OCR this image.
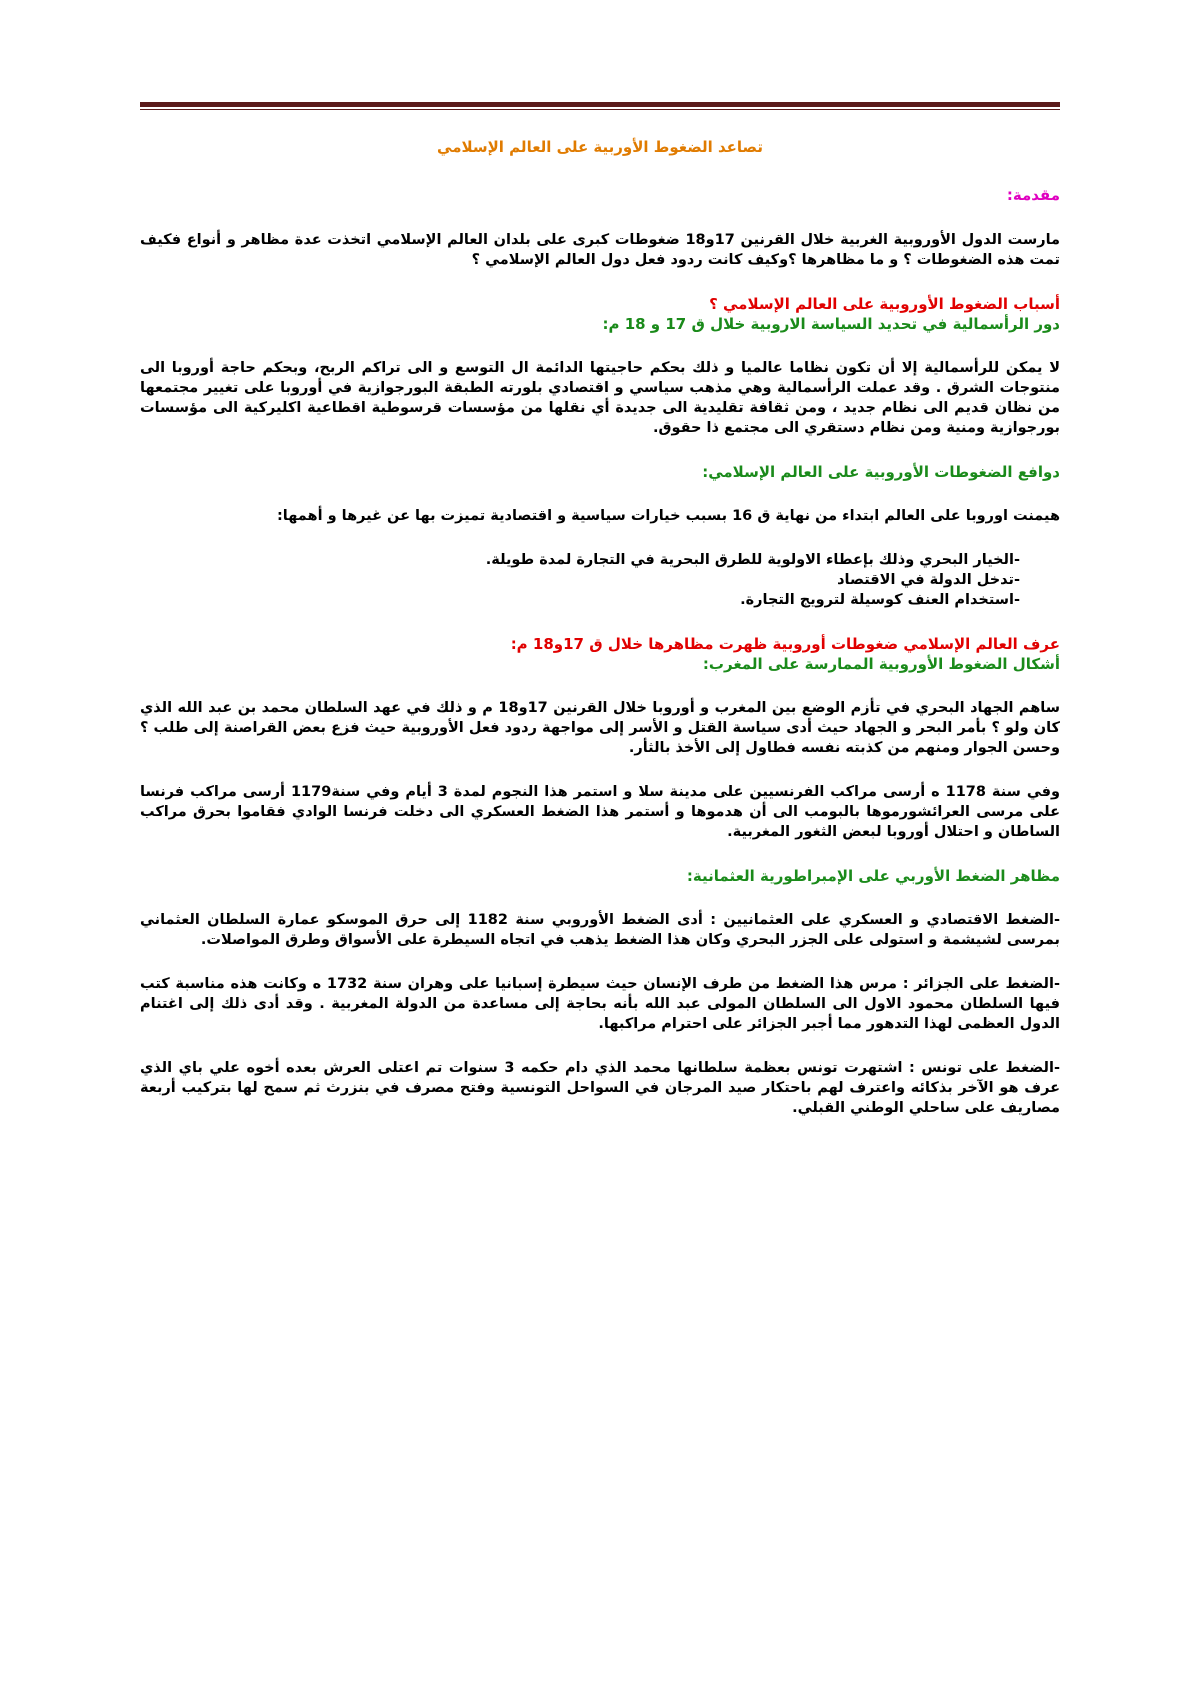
تصاعد الضغوط الأوربية على العالم الإسلامي
مقدمة:

مارست الدول الأوروبية الغربية خلال القرنين 17و18 ضغوطات كبرى على بلدان العالم الإسلامي اتخذت عدة مظاهر و أنواع فكيف تمت هذه الضغوطات ؟ و ما مظاهرها ؟وكيف كانت ردود فعل دول العالم الإسلامي ؟

أسباب الضغوط الأوروبية على العالم الإسلامي ؟
دور الرأسمالية في تحديد السياسة الاروبية خلال ق 17 و 18 م:

لا يمكن للرأسمالية إلا أن تكون نظاما عالميا و ذلك بحكم حاجيتها الدائمة ال التوسع و الى تراكم الربح، وبحكم حاجة أوروبا الى منتوجات الشرق . وقد عملت الرأسمالية وهي مذهب سياسي و اقتصادي بلورته الطبقة البورجوازية في أوروبا على تغيير مجتمعها من نظان قديم الى نظام جديد ، ومن ثقافة تقليدية الى جديدة أي نقلها من مؤسسات قرسوطية اقطاعية اكليركية الى مؤسسات بورجوازية ومنية ومن نظام دستقري الى مجتمع ذا حقوق.

دوافع الضغوطات الأوروبية على العالم الإسلامي:

هيمنت اوروبا على العالم ابتداء من نهاية ق 16 بسبب خيارات سياسية و اقتصادية تميزت بها عن غيرها و أهمها:

-الخيار البحري وذلك بإعطاء الاولوية للطرق البحرية في التجارة لمدة طويلة.
-تدخل الدولة في الاقتصاد
-استخدام العنف كوسيلة لترويج التجارة.
عرف العالم الإسلامي ضغوطات أوروبية ظهرت مظاهرها خلال ق 17و18 م:
أشكال الضغوط الأوروبية الممارسة على المغرب:

ساهم الجهاد البحري في تأزم الوضع بين المغرب و أوروبا خلال القرنين 17و18 م و ذلك في عهد السلطان محمد بن عبد الله الذي كان ولو ؟ بأمر البحر و الجهاد حيث أدى سياسة القتل و الأسر إلى مواجهة ردود فعل الأوروبية حيث فزع بعض القراصنة إلى طلب ؟ وحسن الجوار ومنهم من كذبته نفسه فطاول إلى الأخذ بالثأر.

وفي سنة 1178 ه أرسى مراكب الفرنسيين على مدينة سلا و استمر هذا النجوم لمدة 3 أيام وفي سنة1179 أرسى مراكب فرنسا على مرسى العرائشورموها بالبومب الى أن هدموها و أستمر هذا الضغط العسكري الى دخلت فرنسا الوادي فقاموا بحرق مراكب الساطان و احتلال أوروبا لبعض الثغور المغربية.

مظاهر الضغط الأوربي على الإمبراطورية العثمانية:

-الضغط الاقتصادي و العسكري على العثمانيين : أدى الضغط الأوروبي سنة 1182 إلى حرق الموسكو عمارة السلطان العثماني بمرسى لشيشمة و استولى على الجزر البحري وكان هذا الضغط يذهب في اتجاه السيطرة على الأسواق وطرق المواصلات.

-الضغط على الجزائر : مرس هذا الضغط من طرف الإنسان حيث سيطرة إسبانيا على وهران سنة 1732 ه وكانت هذه مناسبة كتب فيها السلطان محمود الاول الى السلطان المولى عبد الله بأنه بحاجة إلى مساعدة من الدولة المغربية . وقد أدى ذلك إلى اغتنام الدول العظمى لهذا التدهور مما أجبر الجزائر على احترام مراكبها.

-الضغط على تونس : اشتهرت تونس بعظمة سلطانها محمد الذي دام حكمه 3 سنوات تم اعتلى العرش بعده أخوه علي باي الذي عرف هو الآخر بذكائه واعترف لهم باحتكار صيد المرجان في السواحل التونسية وفتح مصرف في بنزرث ثم سمح لها بتركيب أربعة مصاريف على ساحلي الوطني القبلي.
